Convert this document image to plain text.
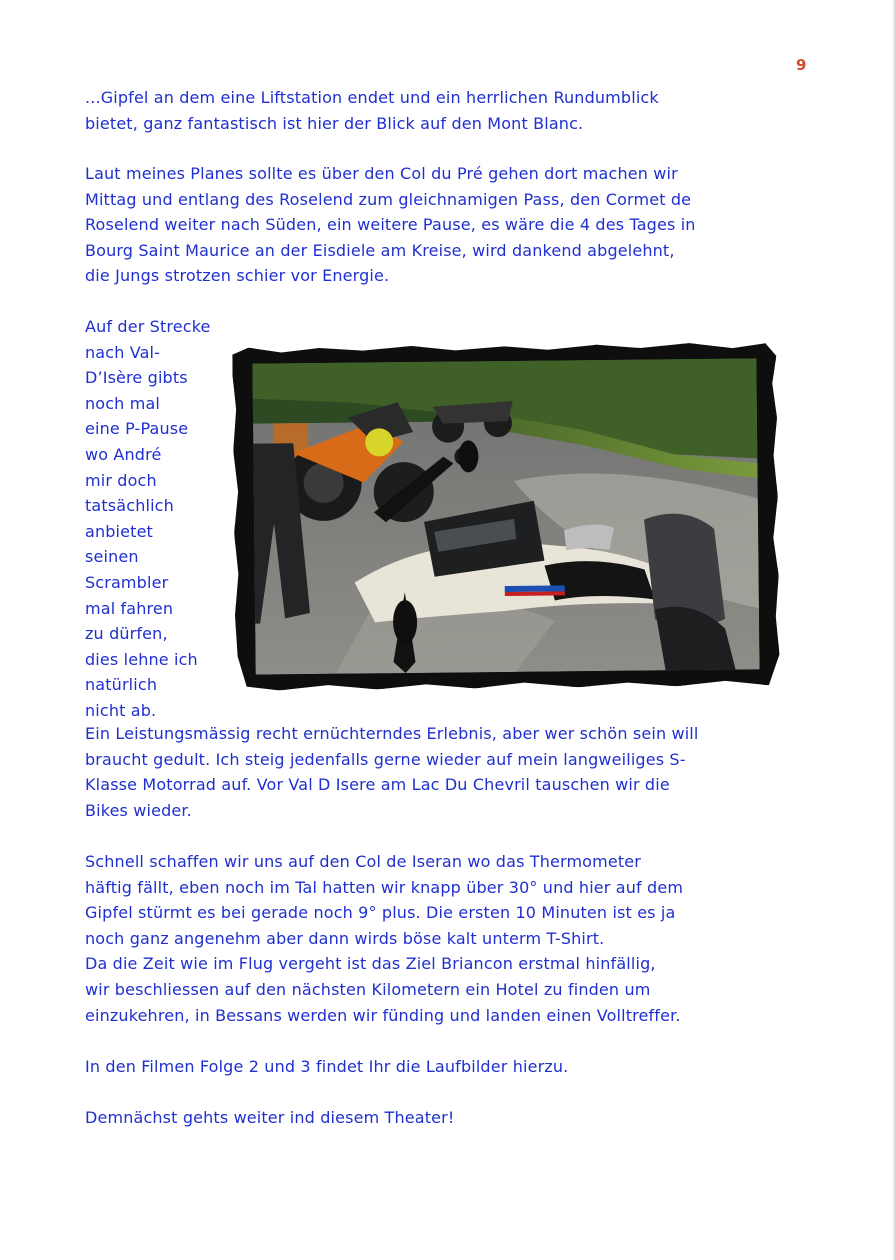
9

...Gipfel an dem eine Liftstation endet und ein herrlichen Rundumblick

bietet, ganz fantastisch ist hier der Blick auf den Mont Blanc.

Laut meines Planes sollte es über den Col du Pré gehen dort machen wir

Mittag und entlang des Roselend zum gleichnamigen Pass, den Cormet de

Roselend weiter nach Süden, ein weitere Pause, es wäre die 4 des Tages in

Bourg Saint Maurice an der Eisdiele am Kreise, wird dankend abgelehnt,

die Jungs strotzen schier vor Energie.

Auf der Strecke

nach Val-

D’Isère gibts

noch mal

eine P-Pause

wo André

mir doch

tatsächlich

anbietet

seinen

Scrambler

mal fahren

zu dürfen,

dies lehne ich

natürlich

nicht ab.

Ein Leistungsmässig recht ernüchterndes Erlebnis, aber wer schön sein will

braucht gedult. Ich steig jedenfalls gerne wieder auf mein langweiliges S-

Klasse Motorrad auf. Vor Val D Isere am Lac Du Chevril tauschen wir die

Bikes wieder.

Schnell schaffen wir uns auf den Col de Iseran wo das Thermometer

häftig fällt, eben noch im Tal hatten wir knapp über 30° und hier auf dem

Gipfel stürmt es bei gerade noch 9° plus. Die ersten 10 Minuten ist es ja

noch ganz angenehm aber dann wirds böse kalt unterm T-Shirt.

Da die Zeit wie im Flug vergeht ist das Ziel Briancon erstmal hinfällig,

wir beschliessen auf den nächsten Kilometern ein Hotel zu finden um

einzukehren, in Bessans werden wir fünding und landen einen Volltreffer.

In den Filmen Folge 2 und 3 findet Ihr die Laufbilder hierzu.

Demnächst gehts weiter ind diesem Theater!
